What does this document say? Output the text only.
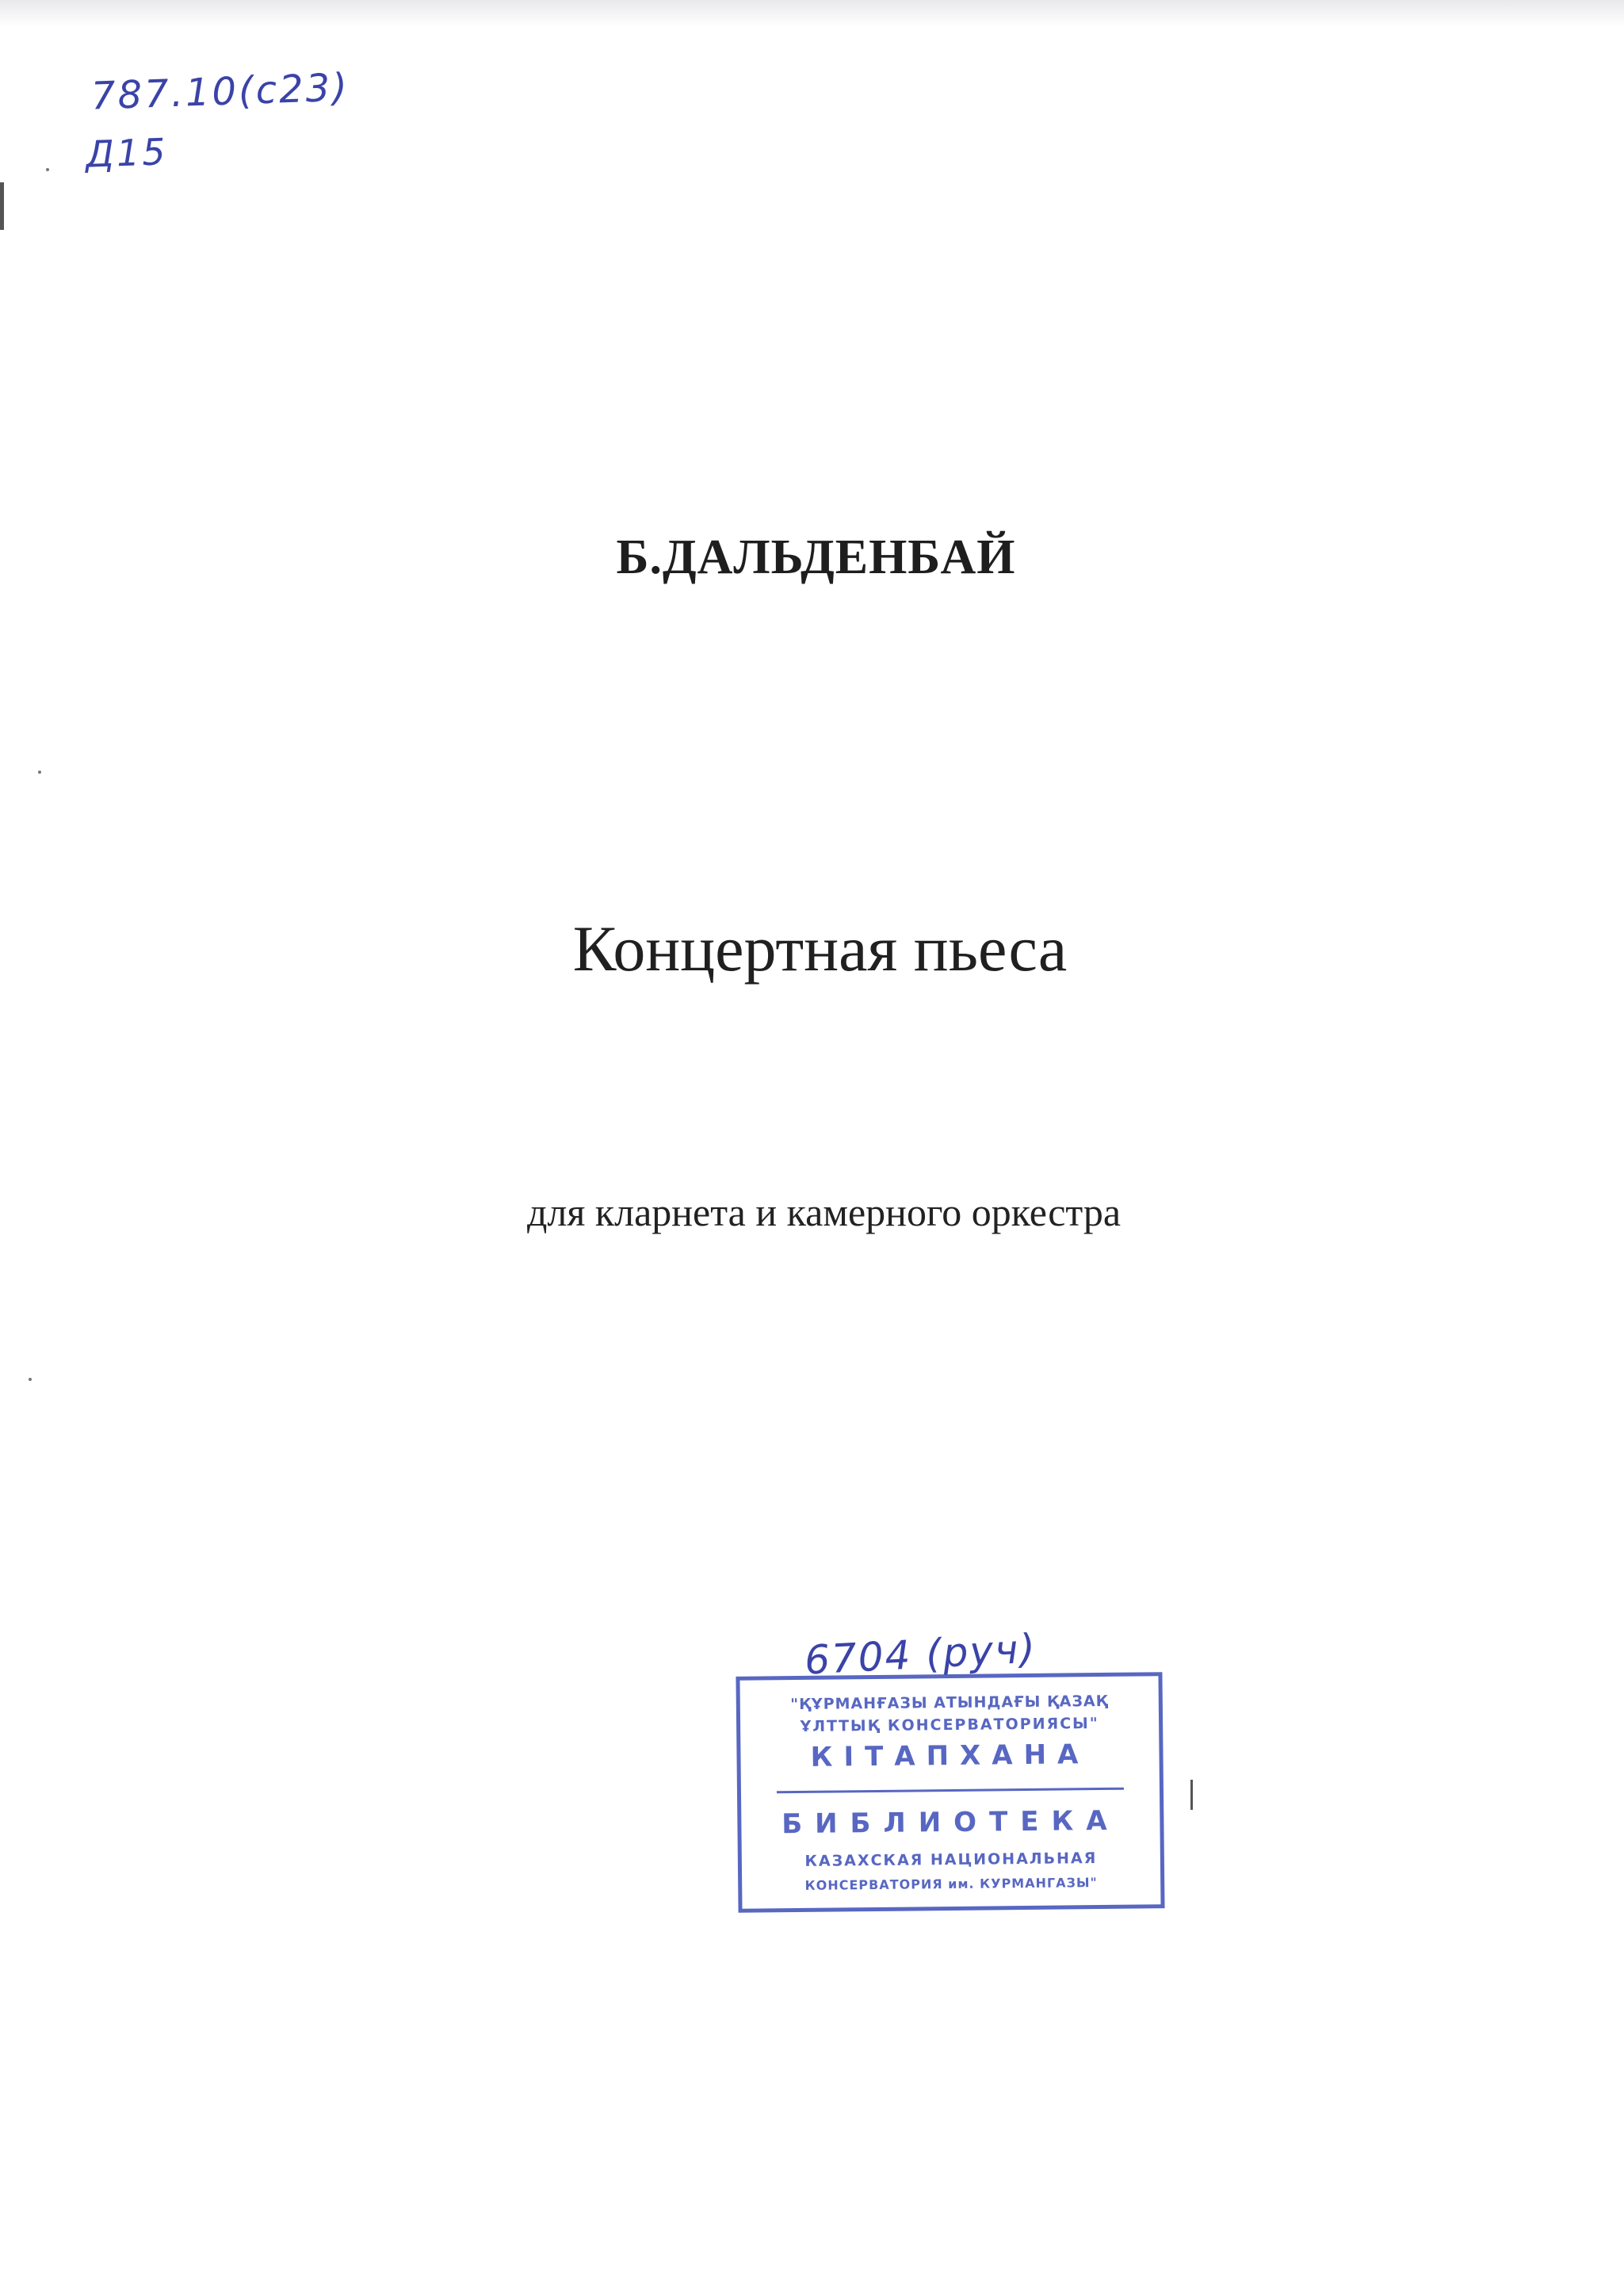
787.10(с23)
Д15
Б.ДАЛЬДЕНБАЙ
Концертная пьеса
для кларнета и камерного оркестра
6704 (руч)
"ҚҰРМАНҒАЗЫ АТЫНДАҒЫ ҚАЗАҚ
ҰЛТТЫҚ КОНСЕРВАТОРИЯСЫ"
КІТАПХАНА
БИБЛИОТЕКА
КАЗАХСКАЯ НАЦИОНАЛЬНАЯ
КОНСЕРВАТОРИЯ им. КУРМАНГАЗЫ"
